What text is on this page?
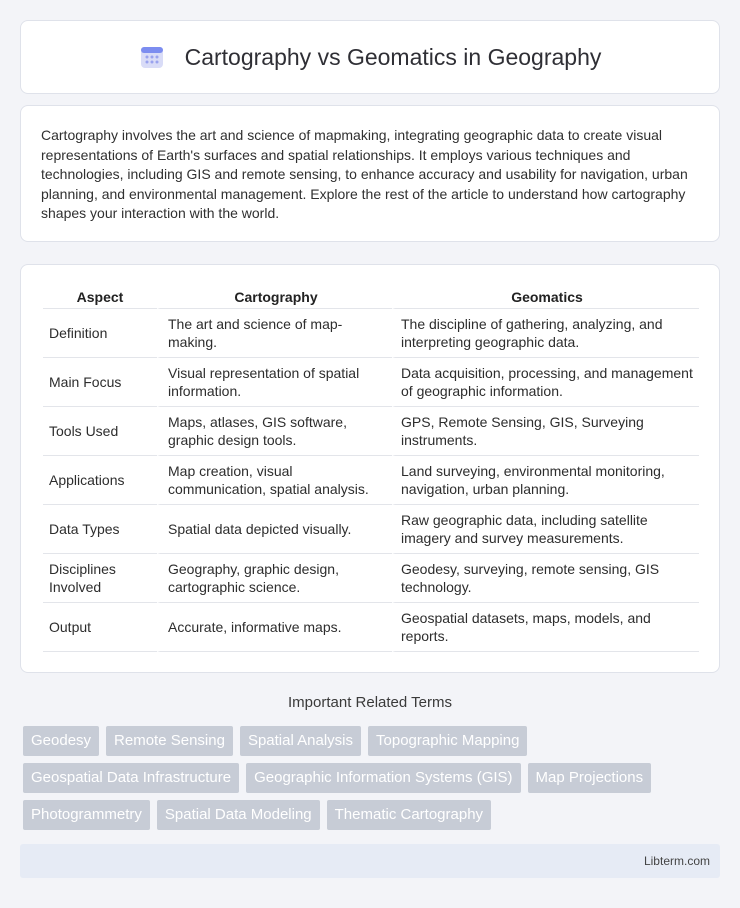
Cartography vs Geomatics in Geography

Cartography involves the art and science of mapmaking, integrating geographic data to create visual representations of Earth's surfaces and spatial relationships. It employs various techniques and technologies, including GIS and remote sensing, to enhance accuracy and usability for navigation, urban planning, and environmental management. Explore the rest of the article to understand how cartography shapes your interaction with the world.

Aspect	Cartography	Geomatics
Definition	The art and science of map-making.	The discipline of gathering, analyzing, and interpreting geographic data.
Main Focus	Visual representation of spatial information.	Data acquisition, processing, and management of geographic information.
Tools Used	Maps, atlases, GIS software, graphic design tools.	GPS, Remote Sensing, GIS, Surveying instruments.
Applications	Map creation, visual communication, spatial analysis.	Land surveying, environmental monitoring, navigation, urban planning.
Data Types	Spatial data depicted visually.	Raw geographic data, including satellite imagery and survey measurements.
Disciplines Involved	Geography, graphic design, cartographic science.	Geodesy, surveying, remote sensing, GIS technology.
Output	Accurate, informative maps.	Geospatial datasets, maps, models, and reports.
Important Related Terms
Geodesy	Remote Sensing	Spatial Analysis	Topographic Mapping
Geospatial Data Infrastructure	Geographic Information Systems (GIS)	Map Projections
Photogrammetry	Spatial Data Modeling	Thematic Cartography
Libterm.com
